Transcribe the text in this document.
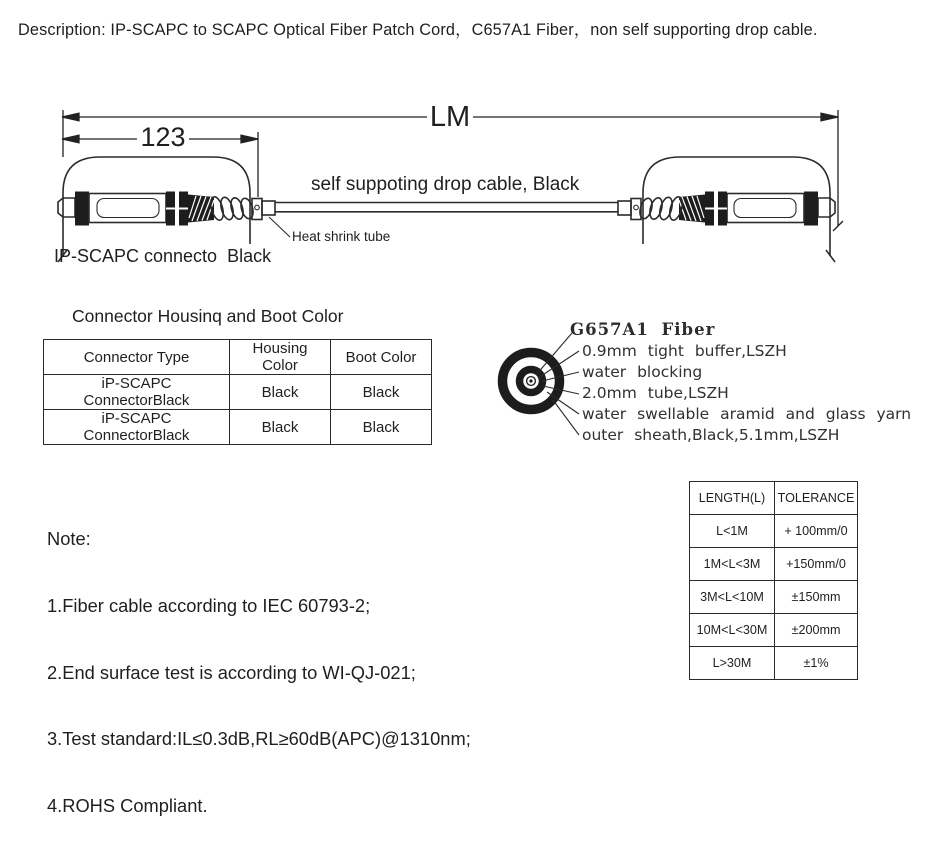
Description: IP-SCAPC to SCAPC Optical Fiber Patch Cord，C657A1 Fiber，non self supporting drop cable.
LM
123
self suppoting drop cable, Black
Heat shrink tube
IP-SCAPC connecto  Black
Connector Housinq and Boot Color
Connector Type	Housing Color	Boot Color
iP-SCAPC ConnectorBlack	Black	Black
iP-SCAPC ConnectorBlack	Black	Black
G657A1 Fiber
0.9mm tight buffer,LSZH
water blocking
2.0mm tube,LSZH
water swellable aramid and glass yarn
outer sheath,Black,5.1mm,LSZH

Note:

1.Fiber cable according to IEC 60793-2;

2.End surface test is according to WI-QJ-021;

3.Test standard:IL≤0.3dB,RL≥60dB(APC)@1310nm;

4.ROHS Compliant.

LENGTH(L)	TOLERANCE
L<1M	+ 100mm/0
1M<L<3M	+150mm/0
3M<L<10M	±150mm
10M<L<30M	±200mm
L>30M	±1%
